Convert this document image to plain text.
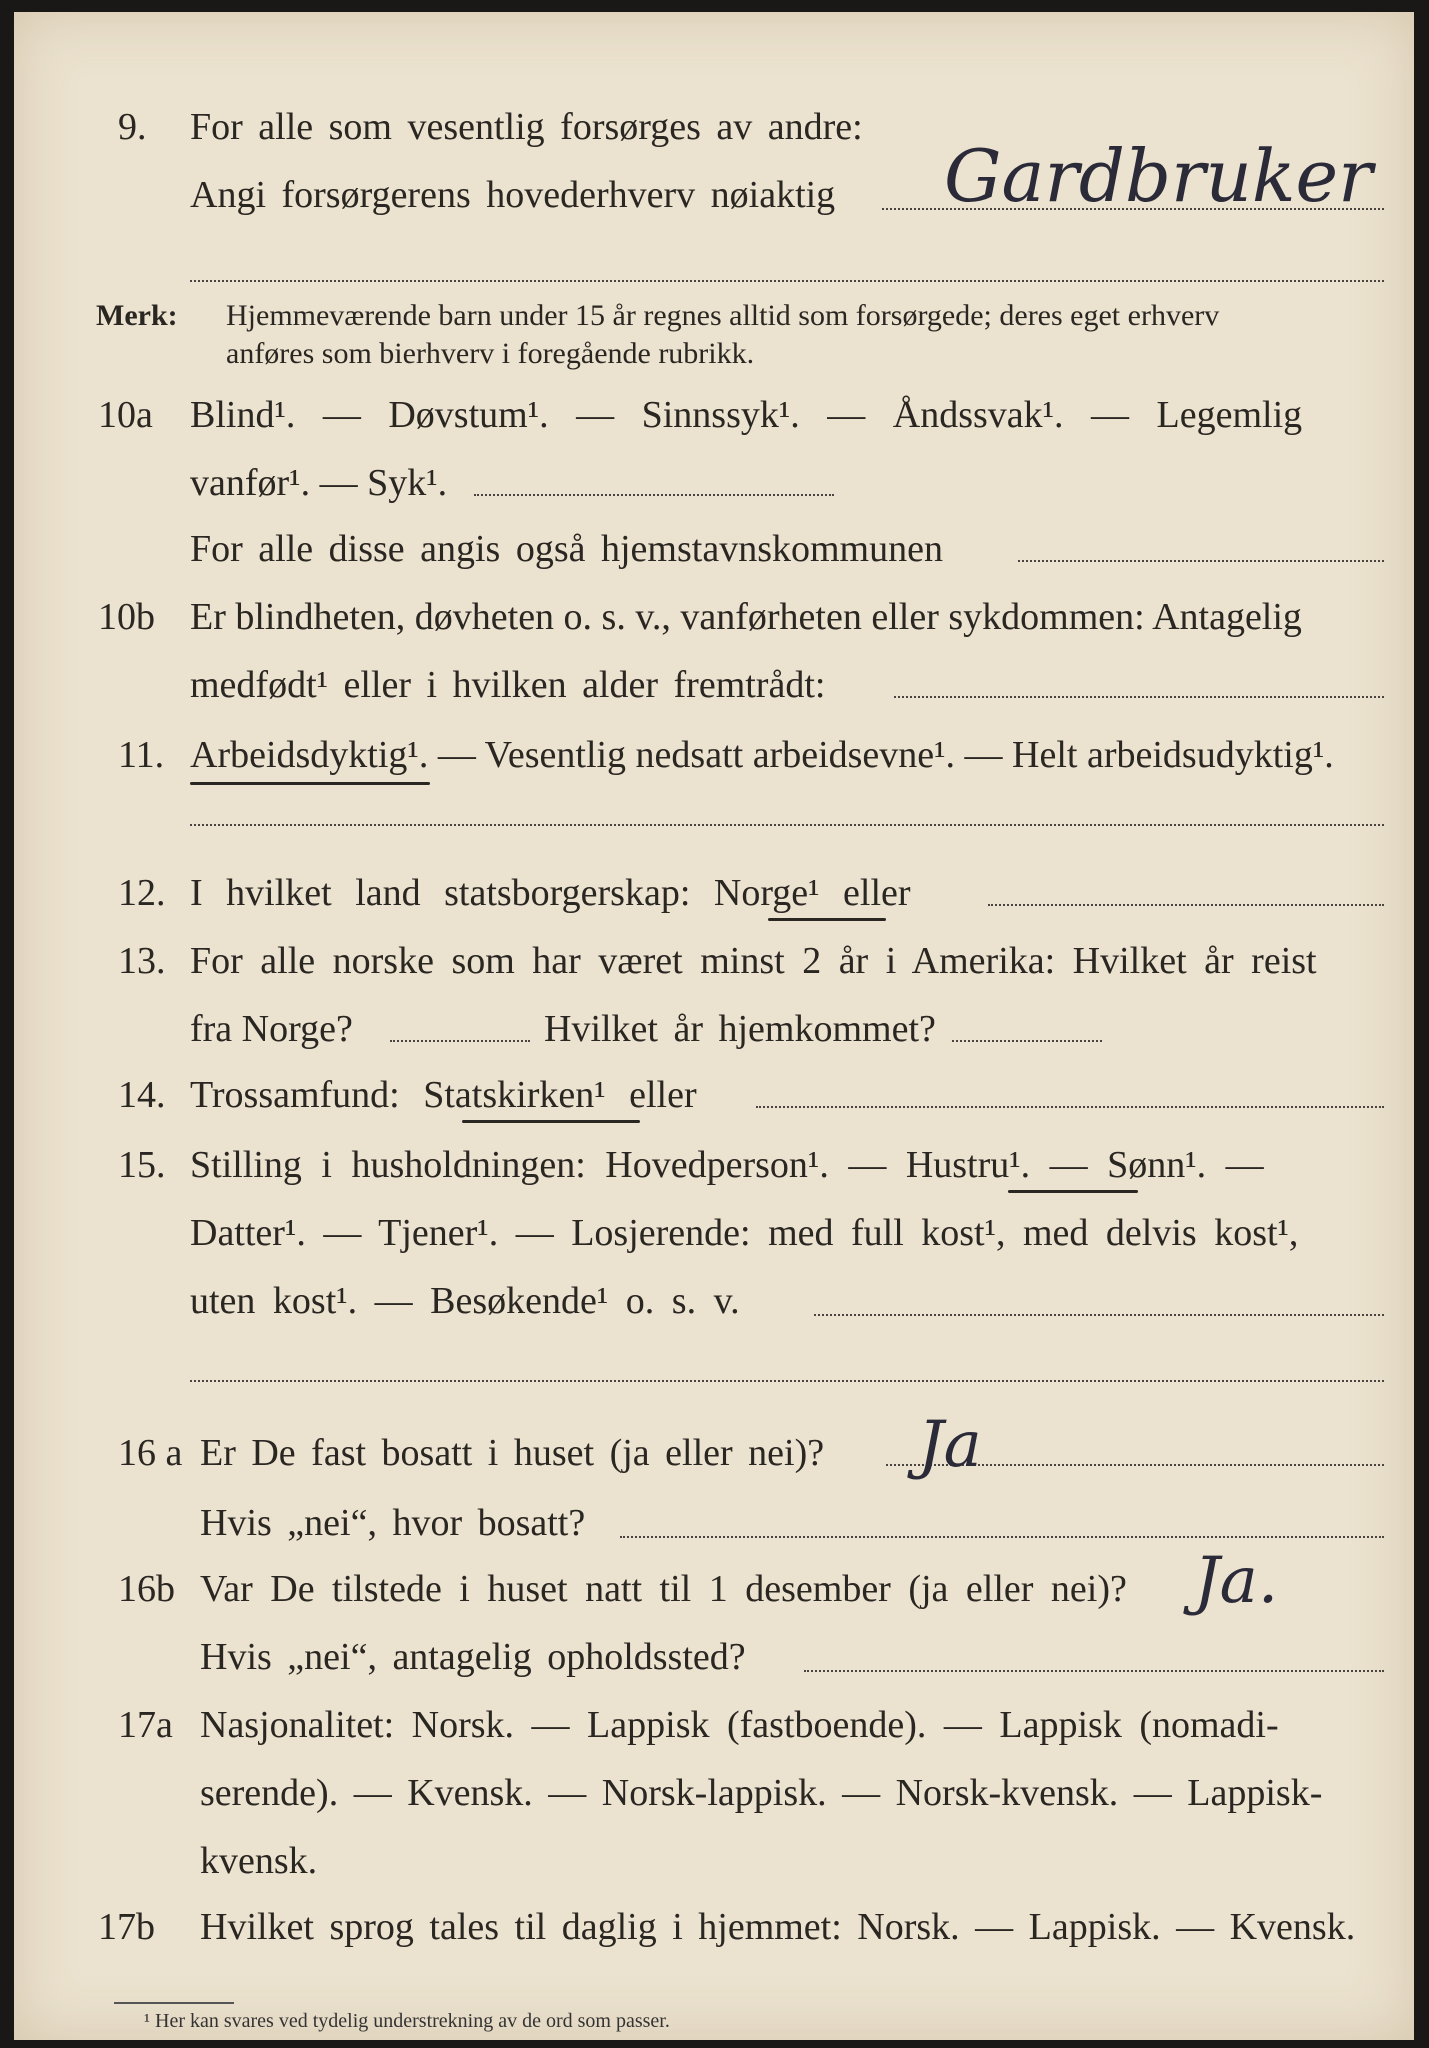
9. For alle som vesentlig forsørges av andre:
Angi forsørgerens hovederhverv nøiaktig Gardbruker
Merk: Hjemmeværende barn under 15 år regnes alltid som forsørgede; deres eget erhverv
anføres som bierhverv i foregående rubrikk.
10a Blind¹. — Døvstum¹. — Sinnssyk¹. — Åndssvak¹. — Legemlig
vanfør¹. — Syk¹.
For alle disse angis også hjemstavnskommunen
10b Er blindheten, døvheten o. s. v., vanførheten eller sykdommen: Antagelig
medfødt¹ eller i hvilken alder fremtrådt:
11. Arbeidsdyktig¹. — Vesentlig nedsatt arbeidsevne¹. — Helt arbeidsudyktig¹.
12. I hvilket land statsborgerskap: Norge¹ eller
13. For alle norske som har været minst 2 år i Amerika: Hvilket år reist
fra Norge?	Hvilket år hjemkommet?
14. Trossamfund: Statskirken¹ eller
15. Stilling i husholdningen: Hovedperson¹. — Hustru¹. — Sønn¹. —
Datter¹. — Tjener¹. — Losjerende: med full kost¹, med delvis kost¹,
uten kost¹. — Besøkende¹ o. s. v.
16 a Er De fast bosatt i huset (ja eller nei)? Ja
Hvis „nei“, hvor bosatt?
16b Var De tilstede i huset natt til 1 desember (ja eller nei)? Ja.
Hvis „nei“, antagelig opholdssted?
17a Nasjonalitet: Norsk. — Lappisk (fastboende). — Lappisk (nomadi-
serende). — Kvensk. — Norsk-lappisk. — Norsk-kvensk. — Lappisk-
kvensk.
17b Hvilket sprog tales til daglig i hjemmet: Norsk. — Lappisk. — Kvensk.
¹ Her kan svares ved tydelig understrekning av de ord som passer.
